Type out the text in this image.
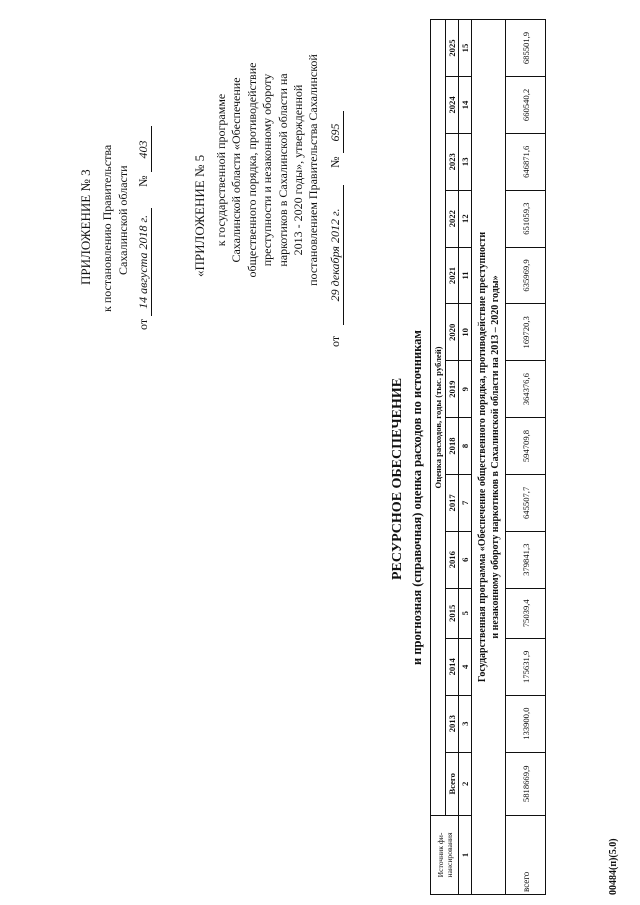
ПРИЛОЖЕНИЕ № 3 к постановлению Правительства Сахалинской области
от 14 августа 2018 г. № 403
«ПРИЛОЖЕНИЕ № 5 к государственной программе Сахалинской области «Обеспечение общественного порядка, противодействие преступности и незаконному обороту наркотиков в Сахалинской области на 2013 - 2020 годы», утвержденной постановлением Правительства Сахалинской
от 29 декабря 2012 г. № 695
РЕСУРСНОЕ ОБЕСПЕЧЕНИЕ и прогнозная (справочная) оценка расходов по источникам
Источник фи-нансирования	Оценка расходов, годы (тыс. рублей)													
	Всего	2013	2014	2015	2016	2017	2018	2019	2020	2021	2022	2023	2024	2025
1	2	3	4	5	6	7	8	9	10	11	12	13	14	15

Государственная программа «Обеспечение общественного порядка, противодействие преступности и незаконному обороту наркотиков в Сахалинской области на 2013 – 2020 годы»														

всего	5818669,9	133900,0	175631,9	75039,4	379841,3	645507,7	594709,8	364376,6	169720,3	635969,9	651059,3	646871,6	660540,2	685501,9
00484(п)(5.0)
